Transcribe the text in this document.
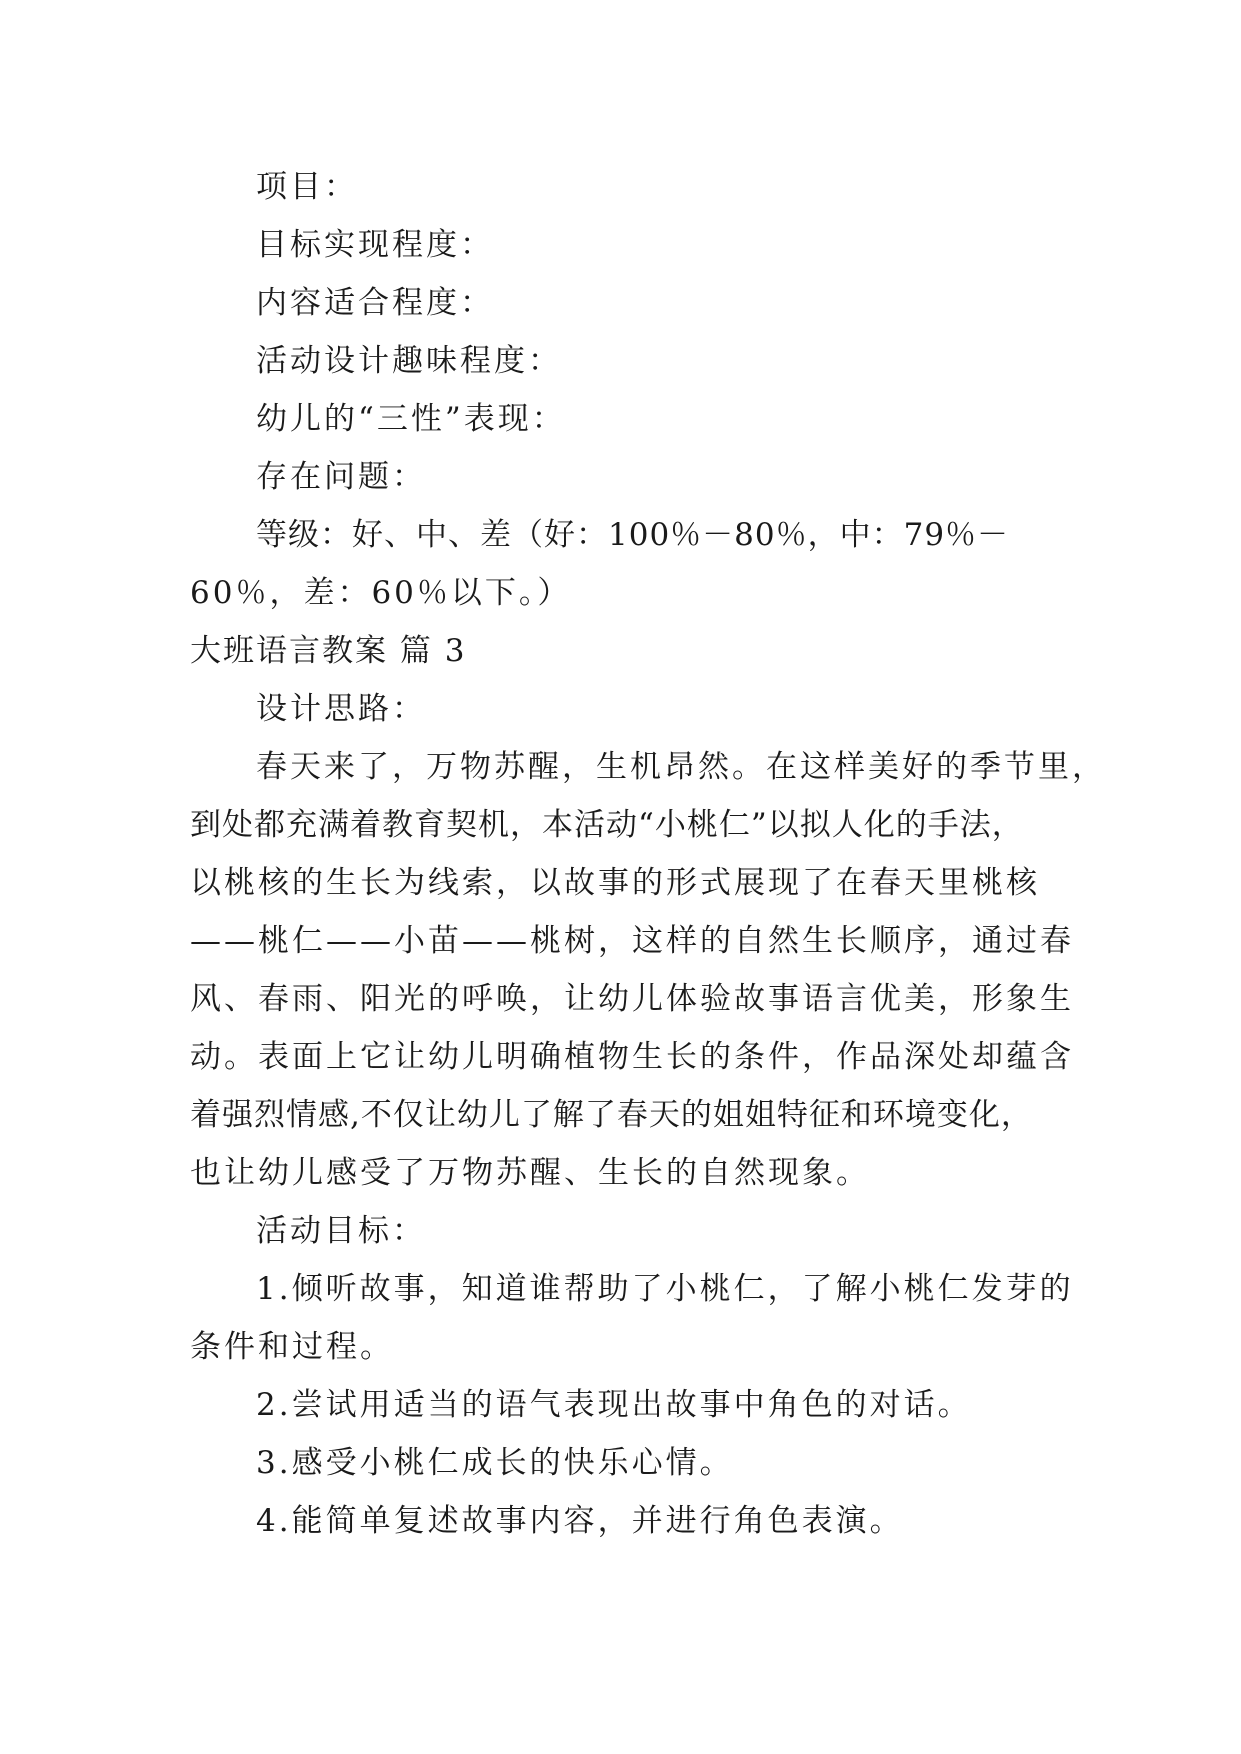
项目：
目标实现程度：
内容适合程度：
活动设计趣味程度：
幼儿的“三性”表现：
存在问题：
等级：好、中、差（好：100％－80％，中：79％－
60％，差：60％以下。）
大班语言教案 篇 3
设计思路：
春天来了，万物苏醒，生机昂然。在这样美好的季节里，
到处都充满着教育契机，本活动“小桃仁”以拟人化的手法，
以桃核的生长为线索，以故事的形式展现了在春天里桃核
——桃仁——小苗——桃树，这样的自然生长顺序，通过春
风、春雨、阳光的呼唤，让幼儿体验故事语言优美，形象生
动。表面上它让幼儿明确植物生长的条件，作品深处却蕴含
着强烈情感,不仅让幼儿了解了春天的姐姐特征和环境变化，
也让幼儿感受了万物苏醒、生长的自然现象。
活动目标：
1.倾听故事，知道谁帮助了小桃仁，了解小桃仁发芽的
条件和过程。
2.尝试用适当的语气表现出故事中角色的对话。
3.感受小桃仁成长的快乐心情。
4.能简单复述故事内容，并进行角色表演。
